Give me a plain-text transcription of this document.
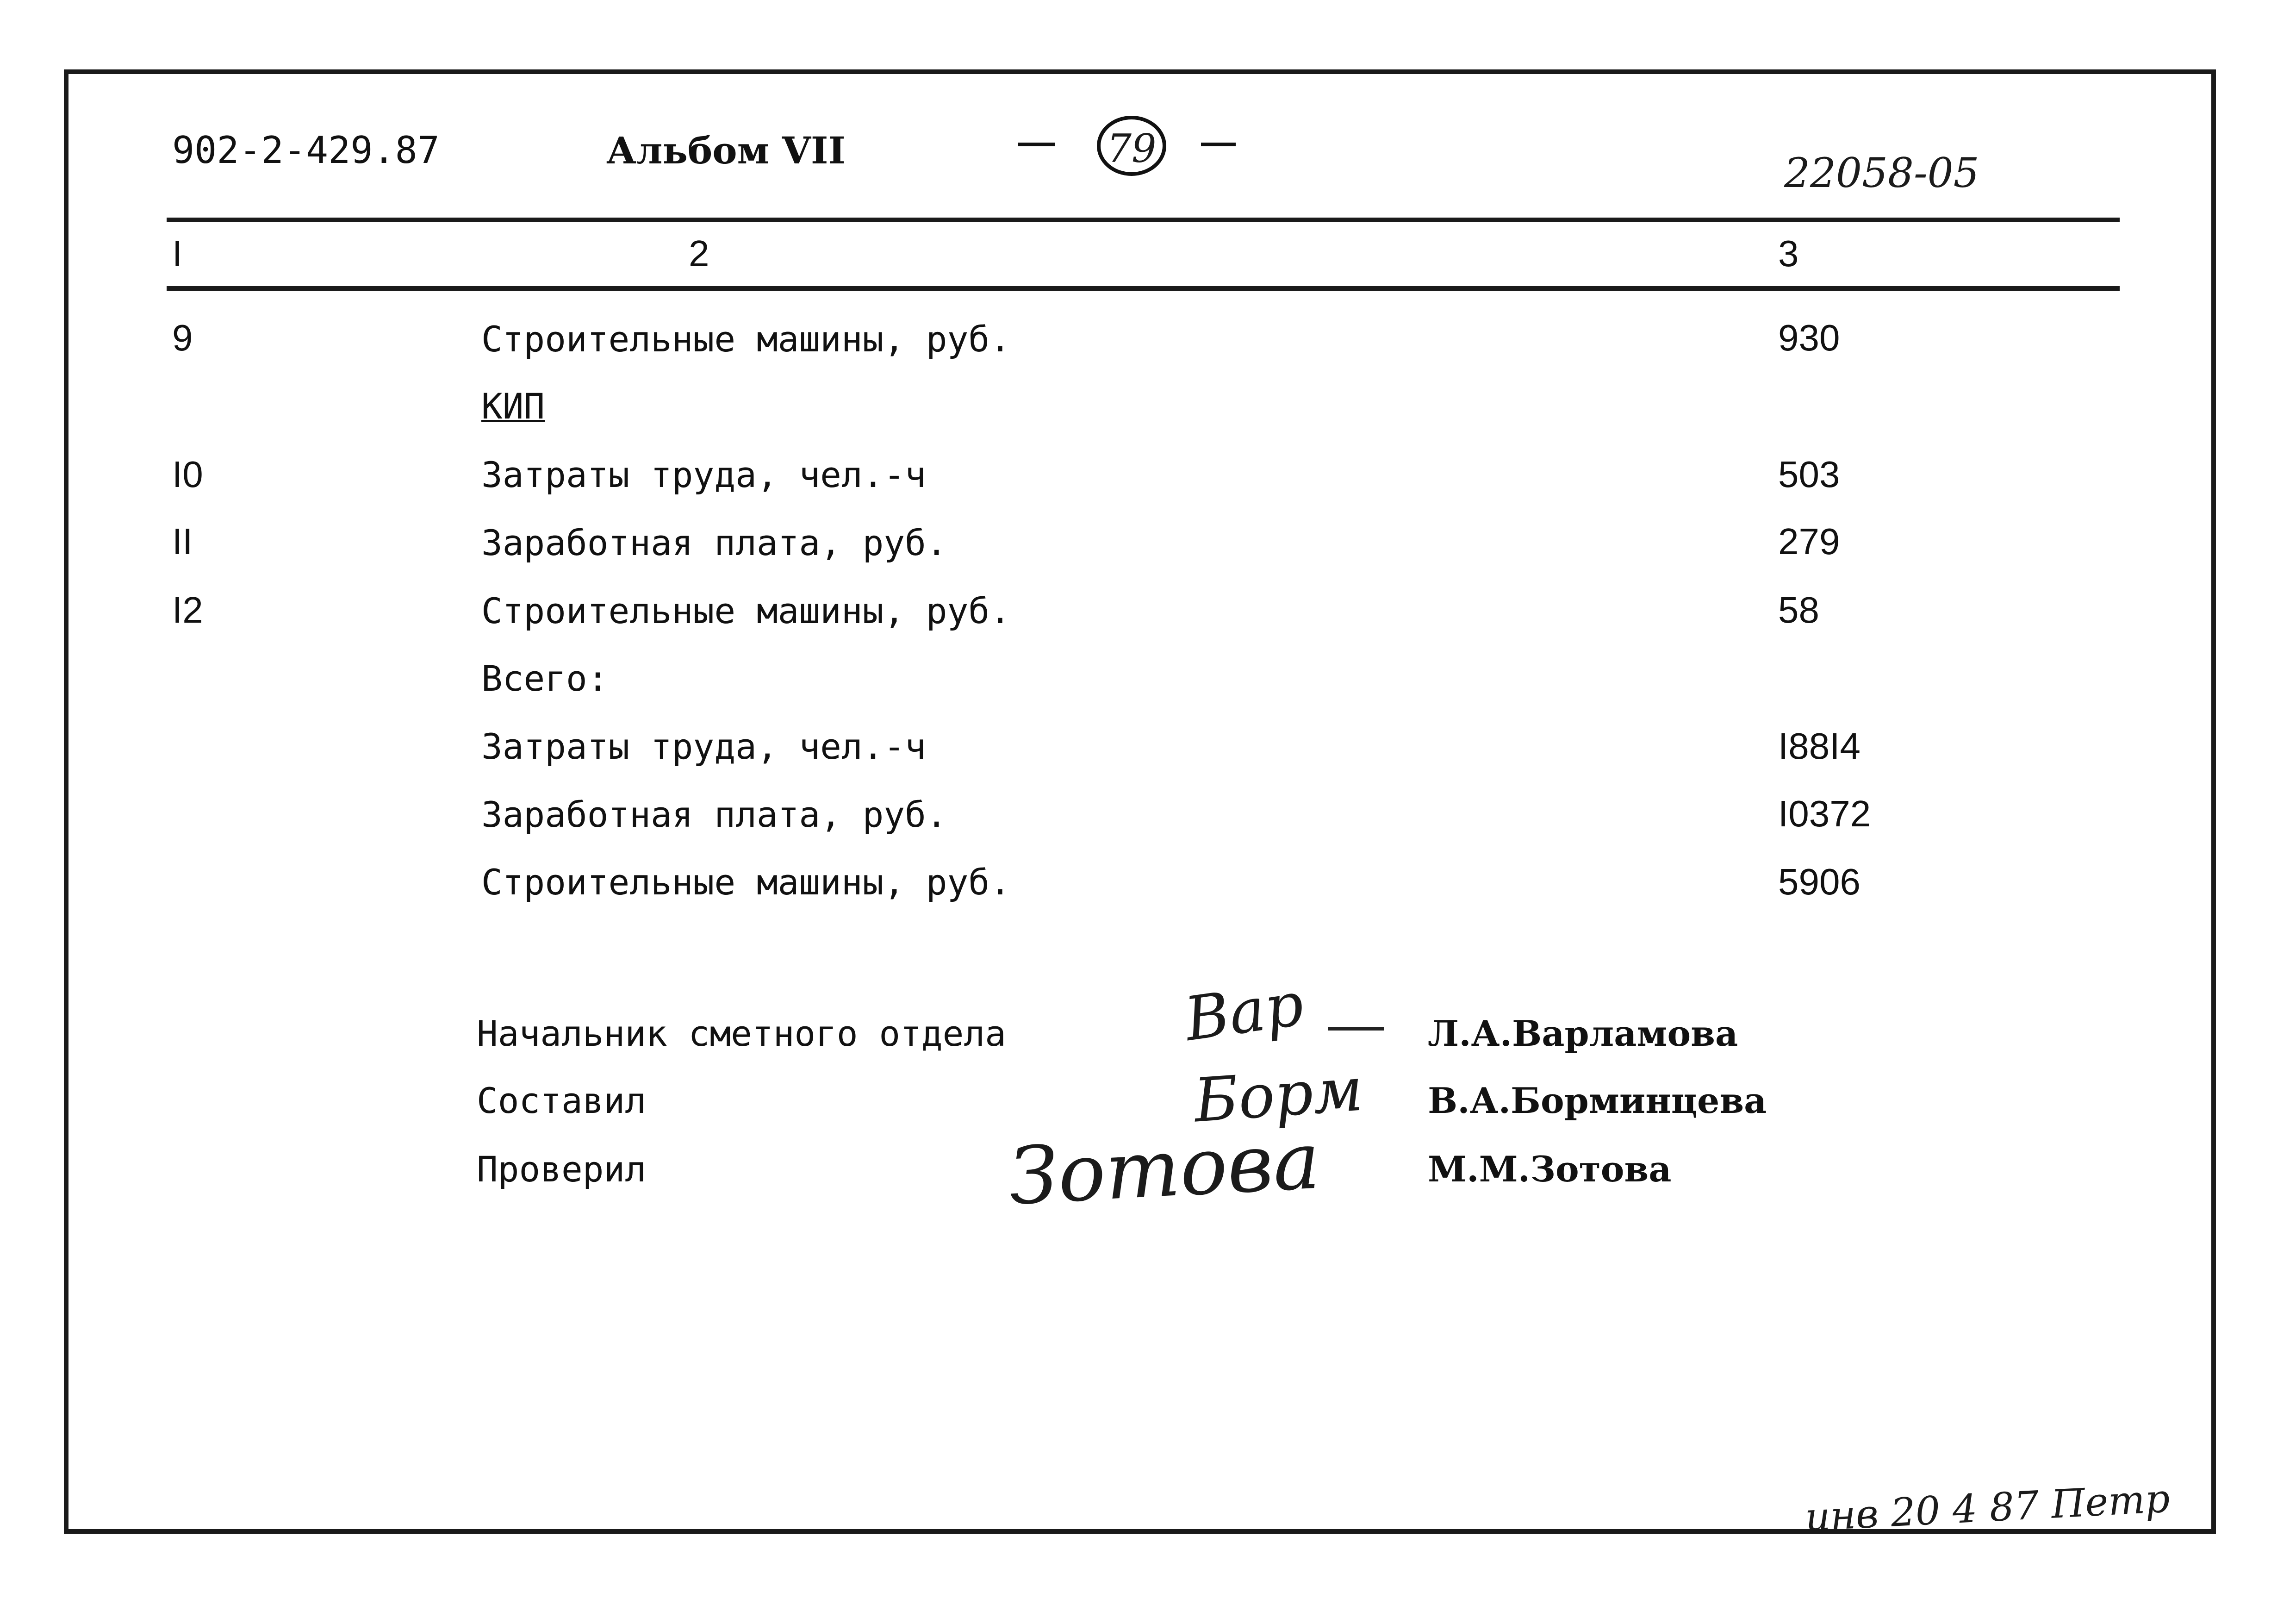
902-2-429.87	Альбом VII	79
22058-05
I	2	3
9	Строительные машины, руб.	930
КИП
I0	Затраты труда, чел.-ч	503
II	Заработная плата, руб.	279
I2	Строительные машины, руб.	58
Всего:
Затраты труда, чел.-ч	I88I4
Заработная плата, руб.	I0372
Строительные машины, руб.	5906
Начальник сметного отдела	Л.А.Варламова
Составил	В.А.Борминцева
Проверил	М.М.Зотова
Вар
Борм
Зотова
инв 20 4 87 Петр
